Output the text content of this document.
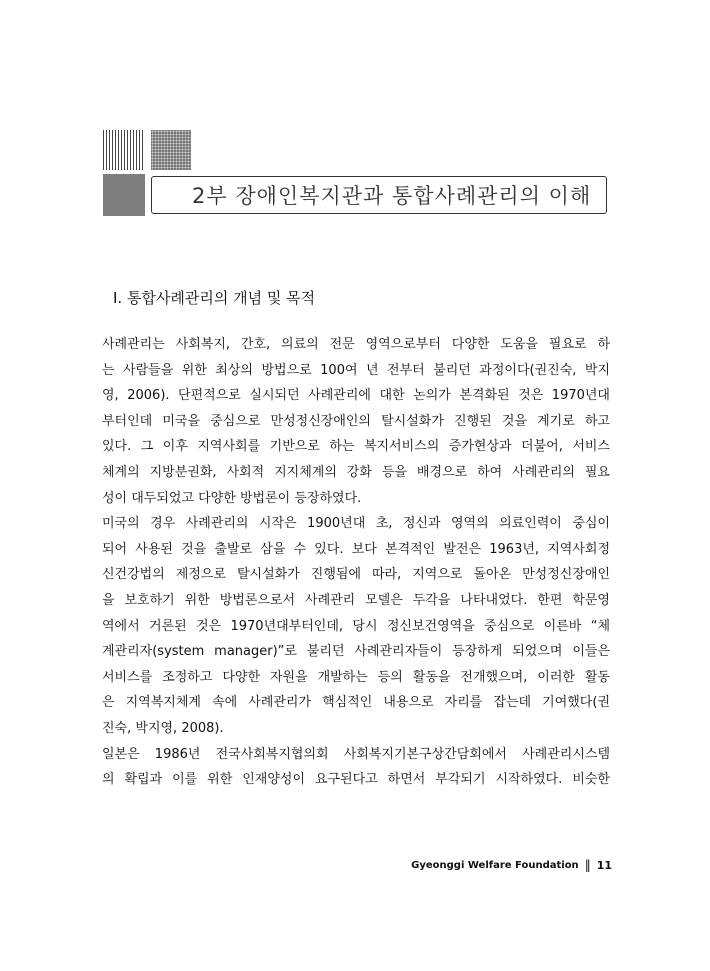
2부 장애인복지관과 통합사례관리의 이해
Ⅰ. 통합사례관리의 개념 및 목적
사례관리는 사회복지, 간호, 의료의 전문 영역으로부터 다양한 도움을 필요로 하
는 사람들을 위한 최상의 방법으로 100여 년 전부터 불리던 과정이다(권진숙, 박지
영, 2006). 단편적으로 실시되던 사례관리에 대한 논의가 본격화된 것은 1970년대
부터인데 미국을 중심으로 만성정신장애인의 탈시설화가 진행된 것을 계기로 하고
있다. 그 이후 지역사회를 기반으로 하는 복지서비스의 증가현상과 더불어, 서비스
체계의 지방분권화, 사회적 지지체계의 강화 등을 배경으로 하여 사례관리의 필요
성이 대두되었고 다양한 방법론이 등장하였다.
미국의 경우 사례관리의 시작은 1900년대 초, 정신과 영역의 의료인력이 중심이
되어 사용된 것을 출발로 삼을 수 있다. 보다 본격적인 발전은 1963년, 지역사회정
신건강법의 제정으로 탈시설화가 진행됨에 따라, 지역으로 돌아온 만성정신장애인
을 보호하기 위한 방법론으로서 사례관리 모델은 두각을 나타내었다. 한편 학문영
역에서 거론된 것은 1970년대부터인데, 당시 정신보건영역을 중심으로 이른바 “체
계관리자(system manager)”로 불리던 사례관리자들이 등장하게 되었으며 이들은
서비스를 조정하고 다양한 자원을 개발하는 등의 활동을 전개했으며, 이러한 활동
은 지역복지체계 속에 사례관리가 핵심적인 내용으로 자리를 잡는데 기여했다(권
진숙, 박지영, 2008).
일본은 1986년 전국사회복지협의회 사회복지기본구상간담회에서 사례관리시스템
의 확립과 이를 위한 인재양성이 요구된다고 하면서 부각되기 시작하였다. 비슷한
Gyeonggi Welfare Foundation ‖ 11
